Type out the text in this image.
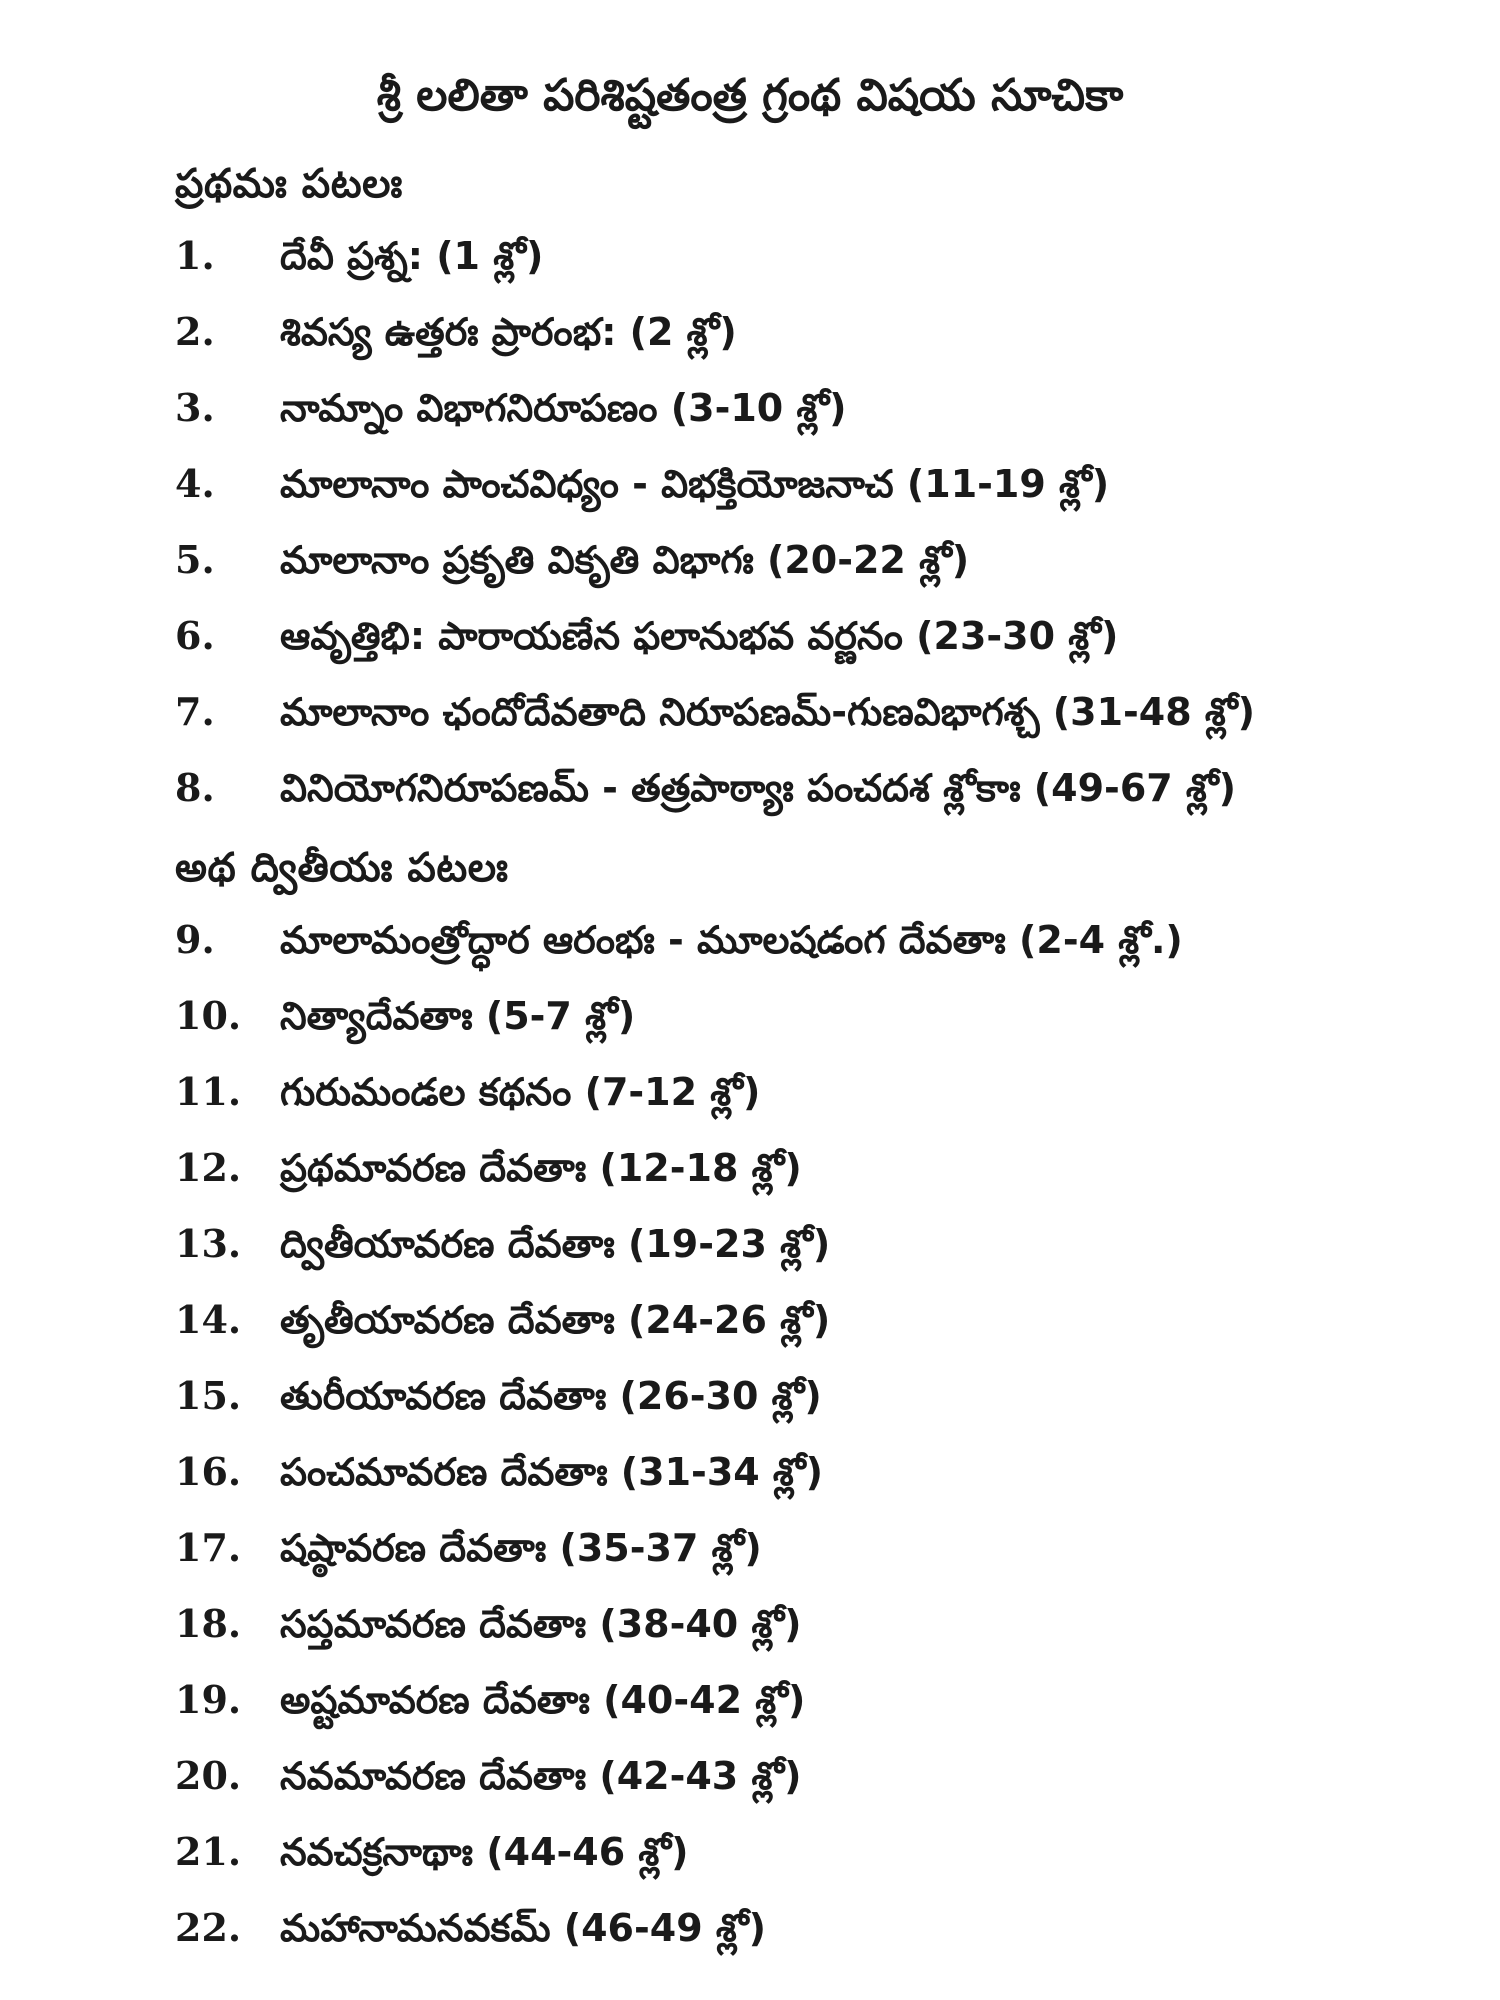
శ్రీ లలితా పరిశిష్టతంత్ర గ్రంథ విషయ సూచికా
ప్రథమః పటలః
1.	దేవీ ప్రశ్న: (1 శ్లో)
2.	శివస్య ఉత్తరః ప్రారంభ: (2 శ్లో)
3.	నామ్నాం విభాగనిరూపణం (3-10 శ్లో)
4.	మాలానాం పాంచవిధ్యం - విభక్తియోజనాచ (11-19 శ్లో)
5.	మాలానాం ప్రకృతి వికృతి విభాగః (20-22 శ్లో)
6.	ఆవృత్తిభి: పారాయణేన ఫలానుభవ వర్ణనం (23-30 శ్లో)
7.	మాలానాం ఛందోదేవతాది నిరూపణమ్-గుణవిభాగశ్చ (31-48 శ్లో)
8.	వినియోగనిరూపణమ్ - తత్రపాఠ్యాః పంచదశ శ్లోకాః (49-67 శ్లో)
అథ ద్వితీయః పటలః
9.	మాలామంత్రోద్ధార ఆరంభః - మూలషడంగ దేవతాః (2-4 శ్లో.)
10.	నిత్యాదేవతాః (5-7 శ్లో)
11.	గురుమండల కథనం (7-12 శ్లో)
12.	ప్రథమావరణ దేవతాః (12-18 శ్లో)
13.	ద్వితీయావరణ దేవతాః (19-23 శ్లో)
14.	తృతీయావరణ దేవతాః (24-26 శ్లో)
15.	తురీయావరణ దేవతాః (26-30 శ్లో)
16.	పంచమావరణ దేవతాః (31-34 శ్లో)
17.	షష్ఠావరణ దేవతాః (35-37 శ్లో)
18.	సప్తమావరణ దేవతాః (38-40 శ్లో)
19.	అష్టమావరణ దేవతాః (40-42 శ్లో)
20.	నవమావరణ దేవతాః (42-43 శ్లో)
21.	నవచక్రనాథాః (44-46 శ్లో)
22.	మహానామనవకమ్ (46-49 శ్లో)
